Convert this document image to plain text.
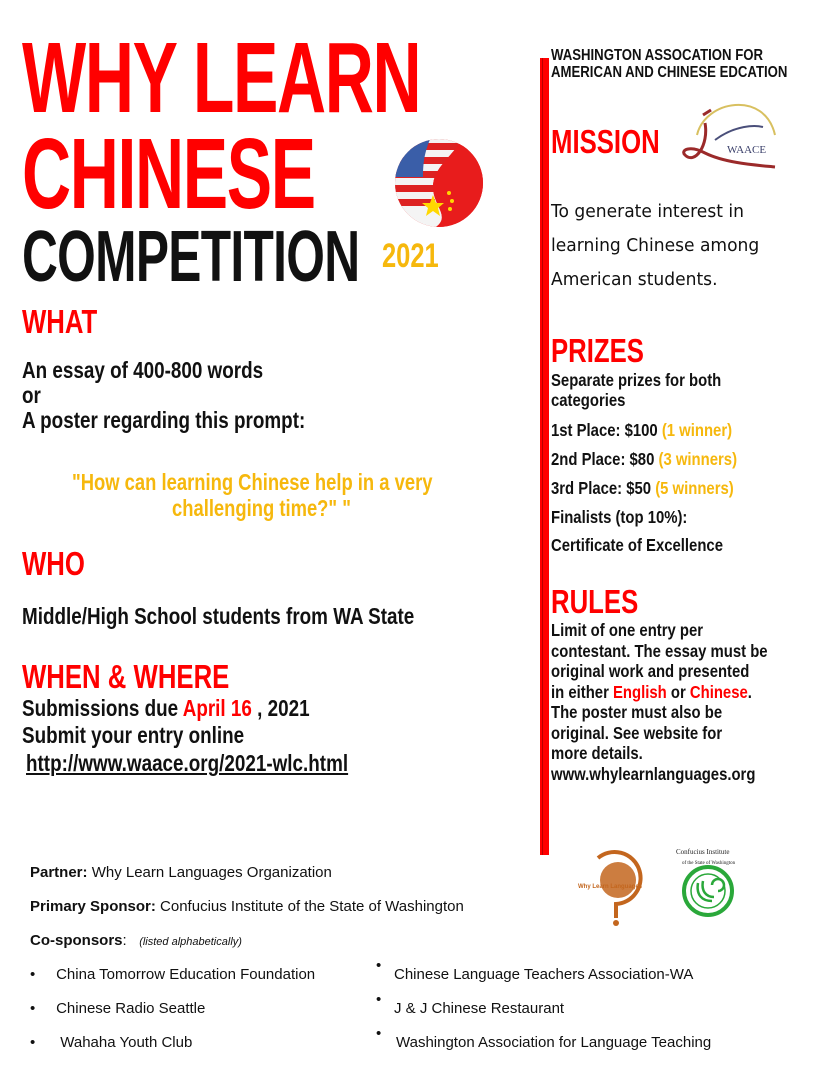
WHY LEARN
CHINESE
COMPETITION 2021
WHAT
An essay of 400-800 words
or
A poster regarding this prompt:
"How can learning Chinese help in a very
challenging time?" "
WHO
Middle/High School students from WA State
WHEN & WHERE
Submissions due April 16 , 2021
Submit your entry online
http://www.waace.org/2021-wlc.html
WASHINGTON ASSOCATION FOR
AMERICAN AND CHINESE EDCATION
MISSION	WAACE
To generate interest in
learning Chinese among
American students.
PRIZES
Separate prizes for both
categories
1st Place: $100 (1 winner)
2nd Place: $80 (3 winners)
3rd Place: $50 (5 winners)
Finalists (top 10%):
Certificate of Excellence
RULES
Limit of one entry per
contestant. The essay must be
original work and presented
in either English or Chinese.
The poster must also be
original. See website for
more details.
www.whylearnlanguages.org
Why Learn Languages
Confucius Institute
of the State of Washington
Partner: Why Learn Languages Organization
Primary Sponsor: Confucius Institute of the State of Washington
Co-sponsors: (listed alphabetically)
•     China Tomorrow Education Foundation
•     Chinese Radio Seattle
•      Wahaha Youth Club
•
Chinese Language Teachers Association-WA
•
J & J Chinese Restaurant
•
Washington Association for Language Teaching
